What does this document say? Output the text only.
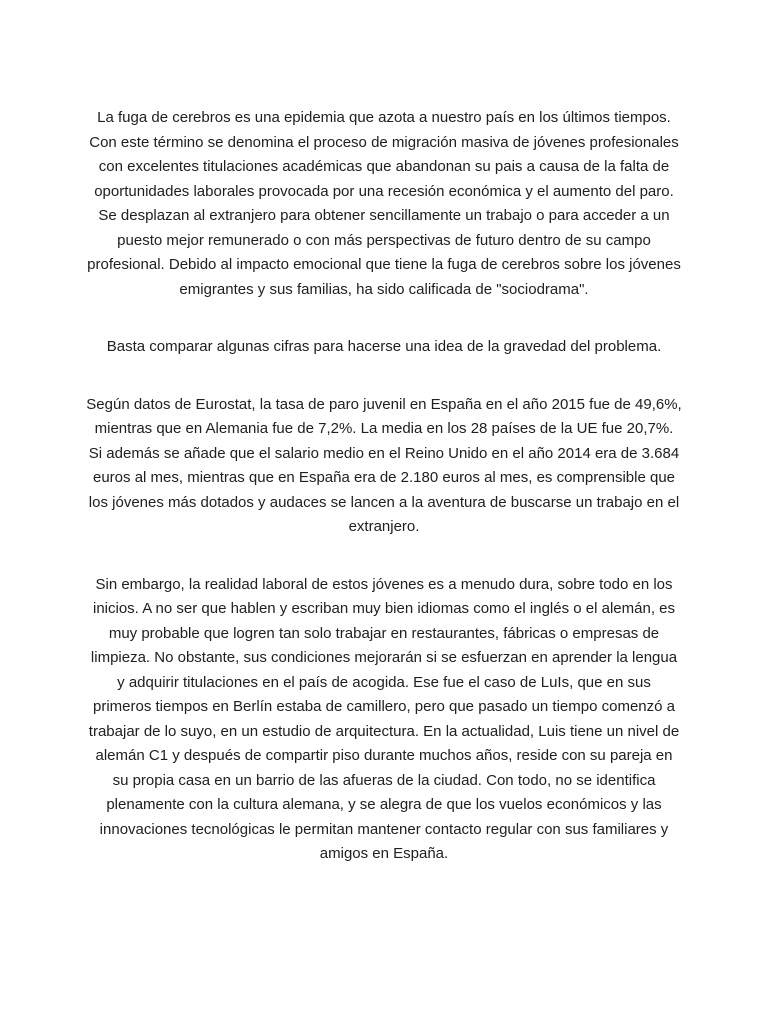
La fuga de cerebros es una epidemia que azota a nuestro país en los últimos tiempos. Con este término se denomina el proceso de migración masiva de jóvenes profesionales con excelentes titulaciones académicas que abandonan su pais a causa de la falta de oportunidades laborales provocada por una recesión económica y el aumento del paro. Se desplazan al extranjero para obtener sencillamente un trabajo o para acceder a un puesto mejor remunerado o con más perspectivas de futuro dentro de su campo profesional. Debido al impacto emocional que tiene la fuga de cerebros sobre los jóvenes emigrantes y sus familias, ha sido calificada de "sociodrama".

Basta comparar algunas cifras para hacerse una idea de la gravedad del problema.

Según datos de Eurostat, la tasa de paro juvenil en España en el año 2015 fue de 49,6%, mientras que en Alemania fue de 7,2%. La media en los 28 países de la UE fue 20,7%. Si además se añade que el salario medio en el Reino Unido en el año 2014 era de 3.684 euros al mes, mientras que en España era de 2.180 euros al mes, es comprensible que los jóvenes más dotados y audaces se lancen a la aventura de buscarse un trabajo en el extranjero.

Sin embargo, la realidad laboral de estos jóvenes es a menudo dura, sobre todo en los inicios. A no ser que hablen y escriban muy bien idiomas como el inglés o el alemán, es muy probable que logren tan solo trabajar en restaurantes, fábricas o empresas de limpieza. No obstante, sus condiciones mejorarán si se esfuerzan en aprender la lengua y adquirir titulaciones en el país de acogida. Ese fue el caso de LuIs, que en sus primeros tiempos en Berlín estaba de camillero, pero que pasado un tiempo comenzó a trabajar de lo suyo, en un estudio de arquitectura. En la actualidad, Luis tiene un nivel de alemán C1 y después de compartir piso durante muchos años, reside con su pareja en su propia casa en un barrio de las afueras de la ciudad. Con todo, no se identifica plenamente con la cultura alemana, y se alegra de que los vuelos económicos y las innovaciones tecnológicas le permitan mantener contacto regular con sus familiares y amigos en España.
